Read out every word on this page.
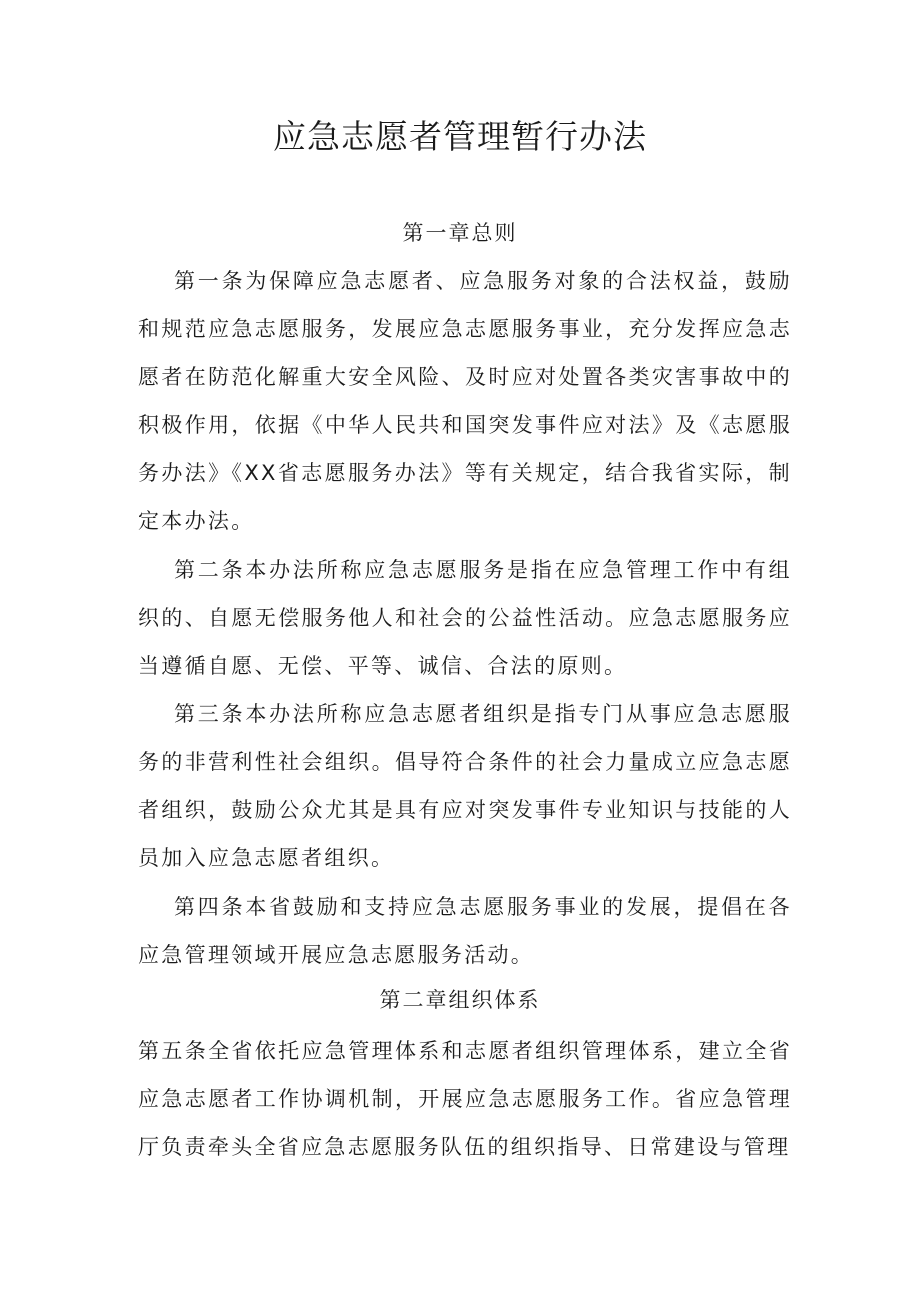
应急志愿者管理暂行办法
第一章总则

第一条为保障应急志愿者、应急服务对象的合法权益，鼓励和规范应急志愿服务，发展应急志愿服务事业，充分发挥应急志愿者在防范化解重大安全风险、及时应对处置各类灾害事故中的积极作用，依据《中华人民共和国突发事件应对法》及《志愿服务办法》《XX省志愿服务办法》等有关规定，结合我省实际，制定本办法。

第二条本办法所称应急志愿服务是指在应急管理工作中有组织的、自愿无偿服务他人和社会的公益性活动。应急志愿服务应当遵循自愿、无偿、平等、诚信、合法的原则。

第三条本办法所称应急志愿者组织是指专门从事应急志愿服务的非营利性社会组织。倡导符合条件的社会力量成立应急志愿者组织，鼓励公众尤其是具有应对突发事件专业知识与技能的人员加入应急志愿者组织。

第四条本省鼓励和支持应急志愿服务事业的发展，提倡在各应急管理领域开展应急志愿服务活动。

第二章组织体系

第五条全省依托应急管理体系和志愿者组织管理体系，建立全省应急志愿者工作协调机制，开展应急志愿服务工作。省应急管理厅负责牵头全省应急志愿服务队伍的组织指导、日常建设与管理
